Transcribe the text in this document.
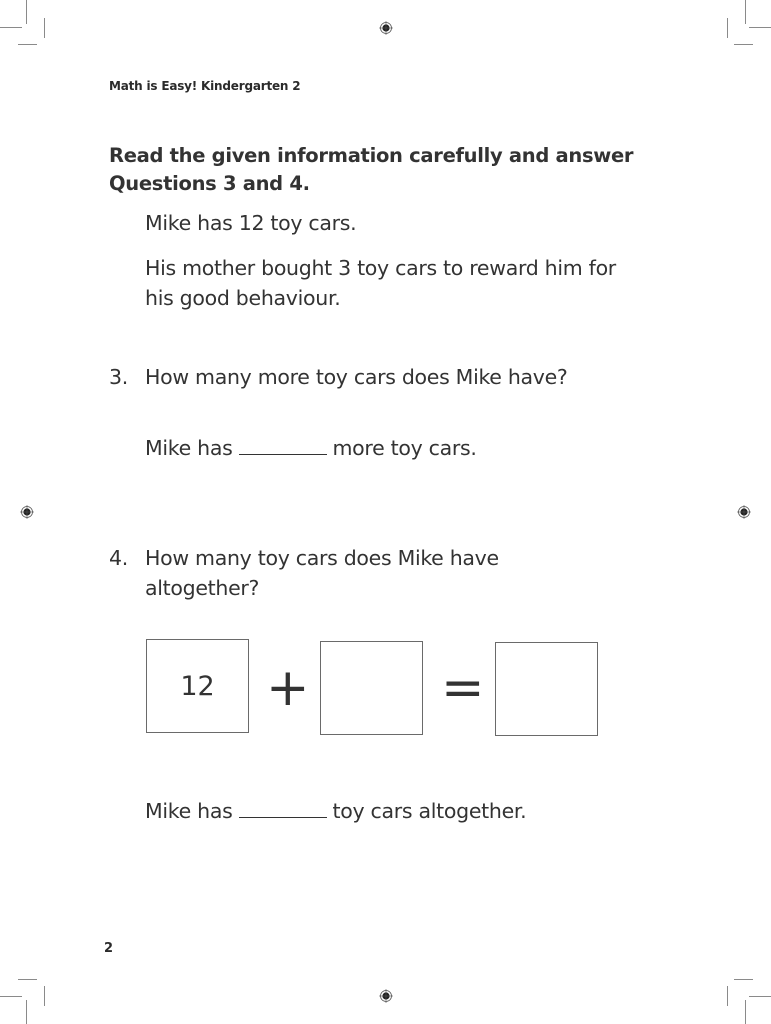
Math is Easy! Kindergarten 2
Read the given information carefully and answer Questions 3 and 4.
Mike has 12 toy cars.
His mother bought 3 toy cars to reward him for his good behaviour.
3. How many more toy cars does Mike have?
Mike has	more toy cars.
4. How many toy cars does Mike have altogether?
12 +	=
Mike has	toy cars altogether.
2
